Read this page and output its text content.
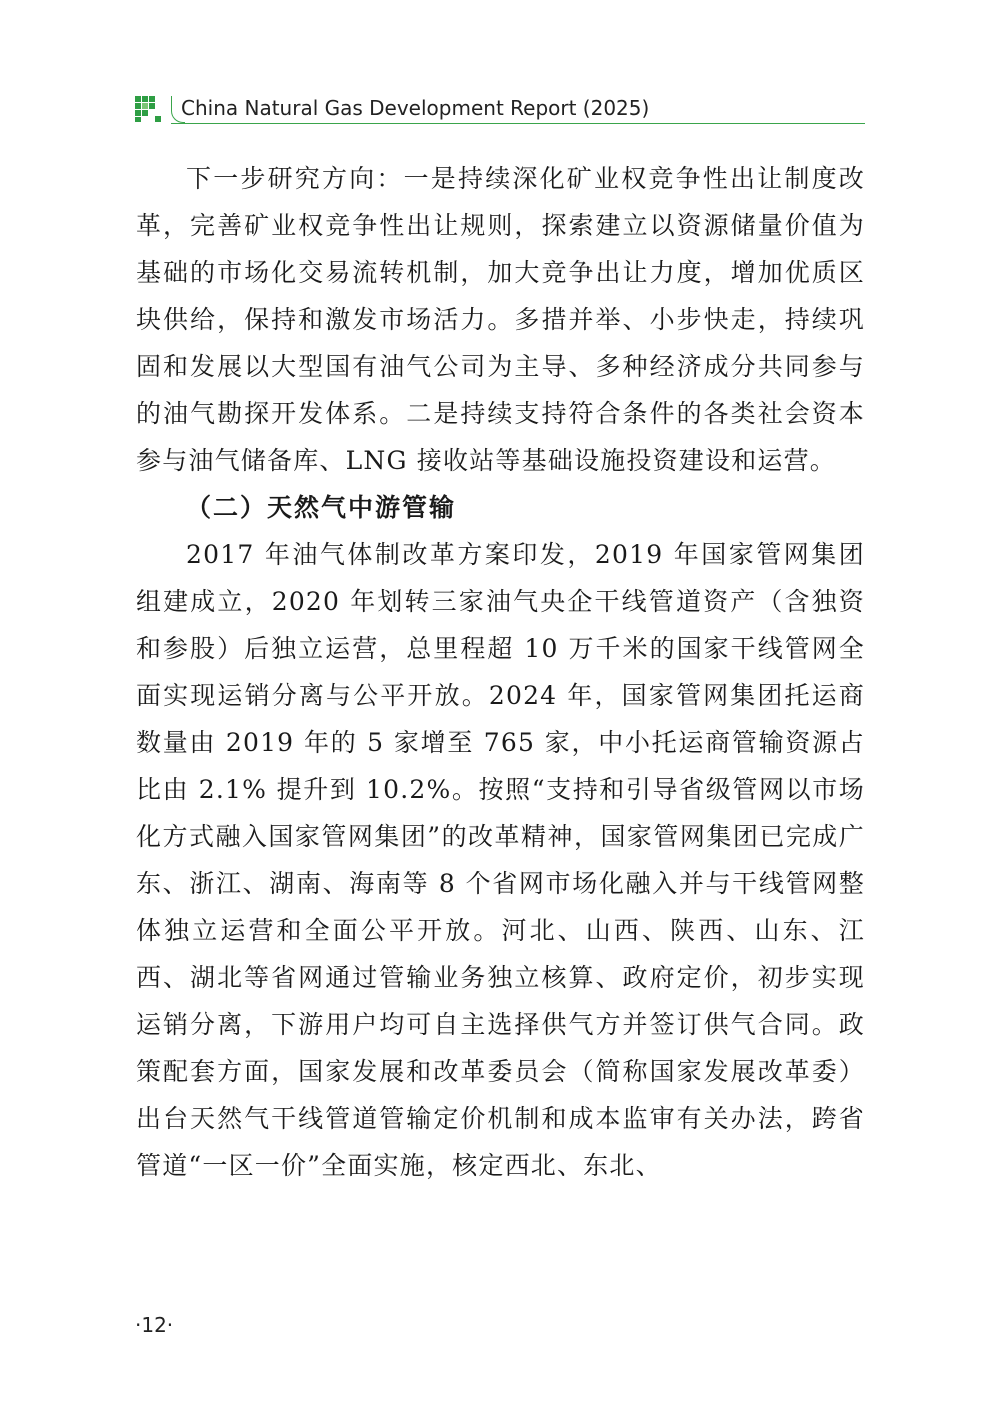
China Natural Gas Development Report (2025)

下一步研究方向：一是持续深化矿业权竞争性出让制度改革，完善矿业权竞争性出让规则，探索建立以资源储量价值为基础的市场化交易流转机制，加大竞争出让力度，增加优质区块供给，保持和激发市场活力。多措并举、小步快走，持续巩固和发展以大型国有油气公司为主导、多种经济成分共同参与的油气勘探开发体系。二是持续支持符合条件的各类社会资本参与油气储备库、LNG 接收站等基础设施投资建设和运营。

（二）天然气中游管输

2017 年油气体制改革方案印发，2019 年国家管网集团组建成立，2020 年划转三家油气央企干线管道资产（含独资和参股）后独立运营，总里程超 10 万千米的国家干线管网全面实现运销分离与公平开放。2024 年，国家管网集团托运商数量由 2019 年的 5 家增至 765 家，中小托运商管输资源占比由 2.1% 提升到 10.2%。按照“支持和引导省级管网以市场化方式融入国家管网集团”的改革精神，国家管网集团已完成广东、浙江、湖南、海南等 8 个省网市场化融入并与干线管网整体独立运营和全面公平开放。河北、山西、陕西、山东、江西、湖北等省网通过管输业务独立核算、政府定价，初步实现运销分离，下游用户均可自主选择供气方并签订供气合同。政策配套方面，国家发展和改革委员会（简称国家发展改革委）出台天然气干线管道管输定价机制和成本监审有关办法，跨省管道“一区一价”全面实施，核定西北、东北、

·12·
